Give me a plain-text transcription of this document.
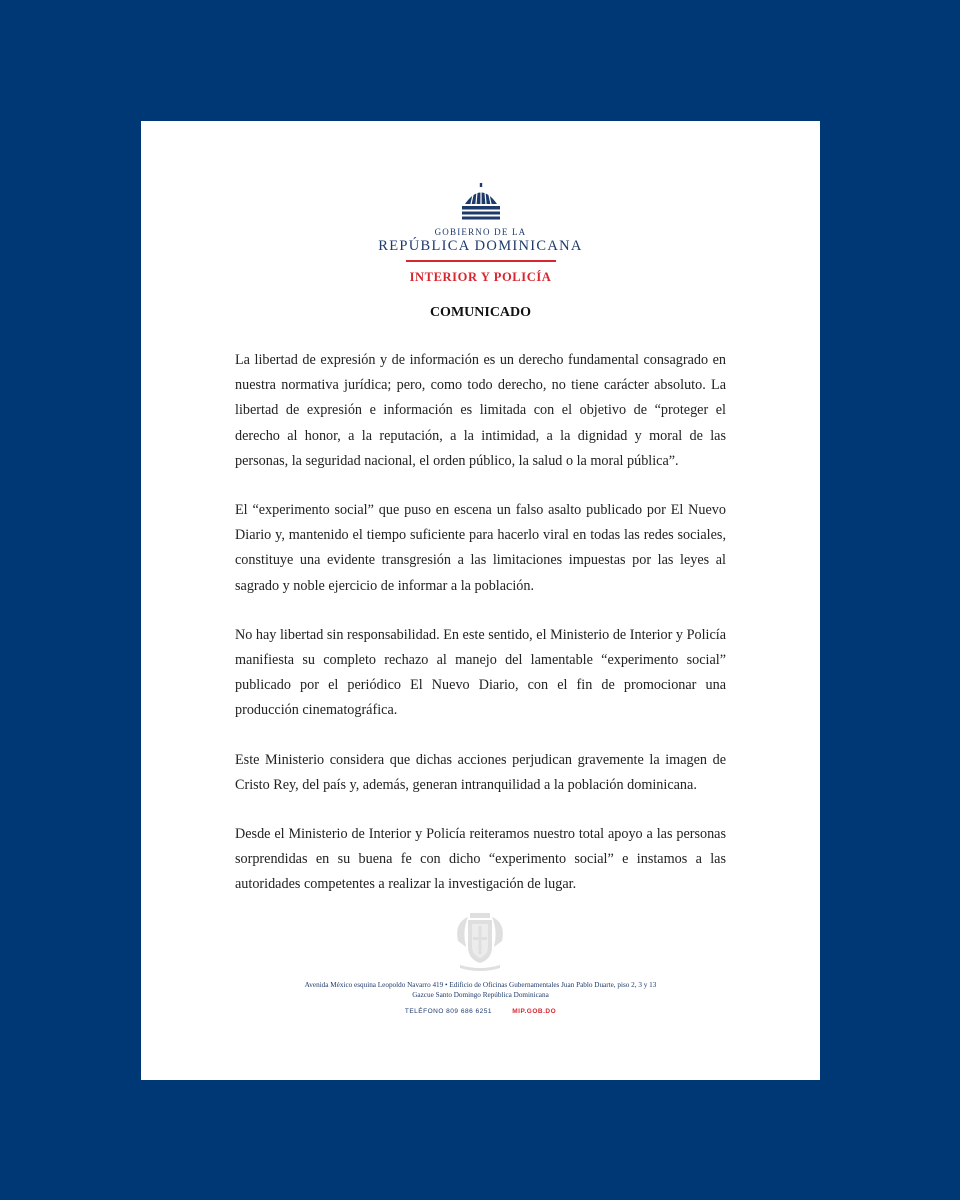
GOBIERNO DE LA
REPÚBLICA DOMINICANA
INTERIOR Y POLICÍA
COMUNICADO

La libertad de expresión y de información es un derecho fundamental consagrado en nuestra normativa jurídica; pero, como todo derecho, no tiene carácter absoluto. La libertad de expresión e información es limitada con el objetivo de “proteger el derecho al honor, a la reputación, a la intimidad, a la dignidad y moral de las personas, la seguridad nacional, el orden público, la salud o la moral pública”.

El “experimento social” que puso en escena un falso asalto publicado por El Nuevo Diario y, mantenido el tiempo suficiente para hacerlo viral en todas las redes sociales, constituye una evidente transgresión a las limitaciones impuestas por las leyes al sagrado y noble ejercicio de informar a la población.

No hay libertad sin responsabilidad. En este sentido, el Ministerio de Interior y Policía manifiesta su completo rechazo al manejo del lamentable “experimento social” publicado por el periódico El Nuevo Diario, con el fin de promocionar una producción cinematográfica.

Este Ministerio considera que dichas acciones perjudican gravemente la imagen de Cristo Rey, del país y, además, generan intranquilidad a la población dominicana.

Desde el Ministerio de Interior y Policía reiteramos nuestro total apoyo a las personas sorprendidas en su buena fe con dicho “experimento social” e instamos a las autoridades competentes a realizar la investigación de lugar.

Avenida México esquina Leopoldo Navarro 419 • Edificio de Oficinas Gubernamentales Juan Pablo Duarte, piso 2, 3 y 13
Gazcue Santo Domingo República Dominicana
TELÉFONO 809 686 6251	MIP.GOB.DO
